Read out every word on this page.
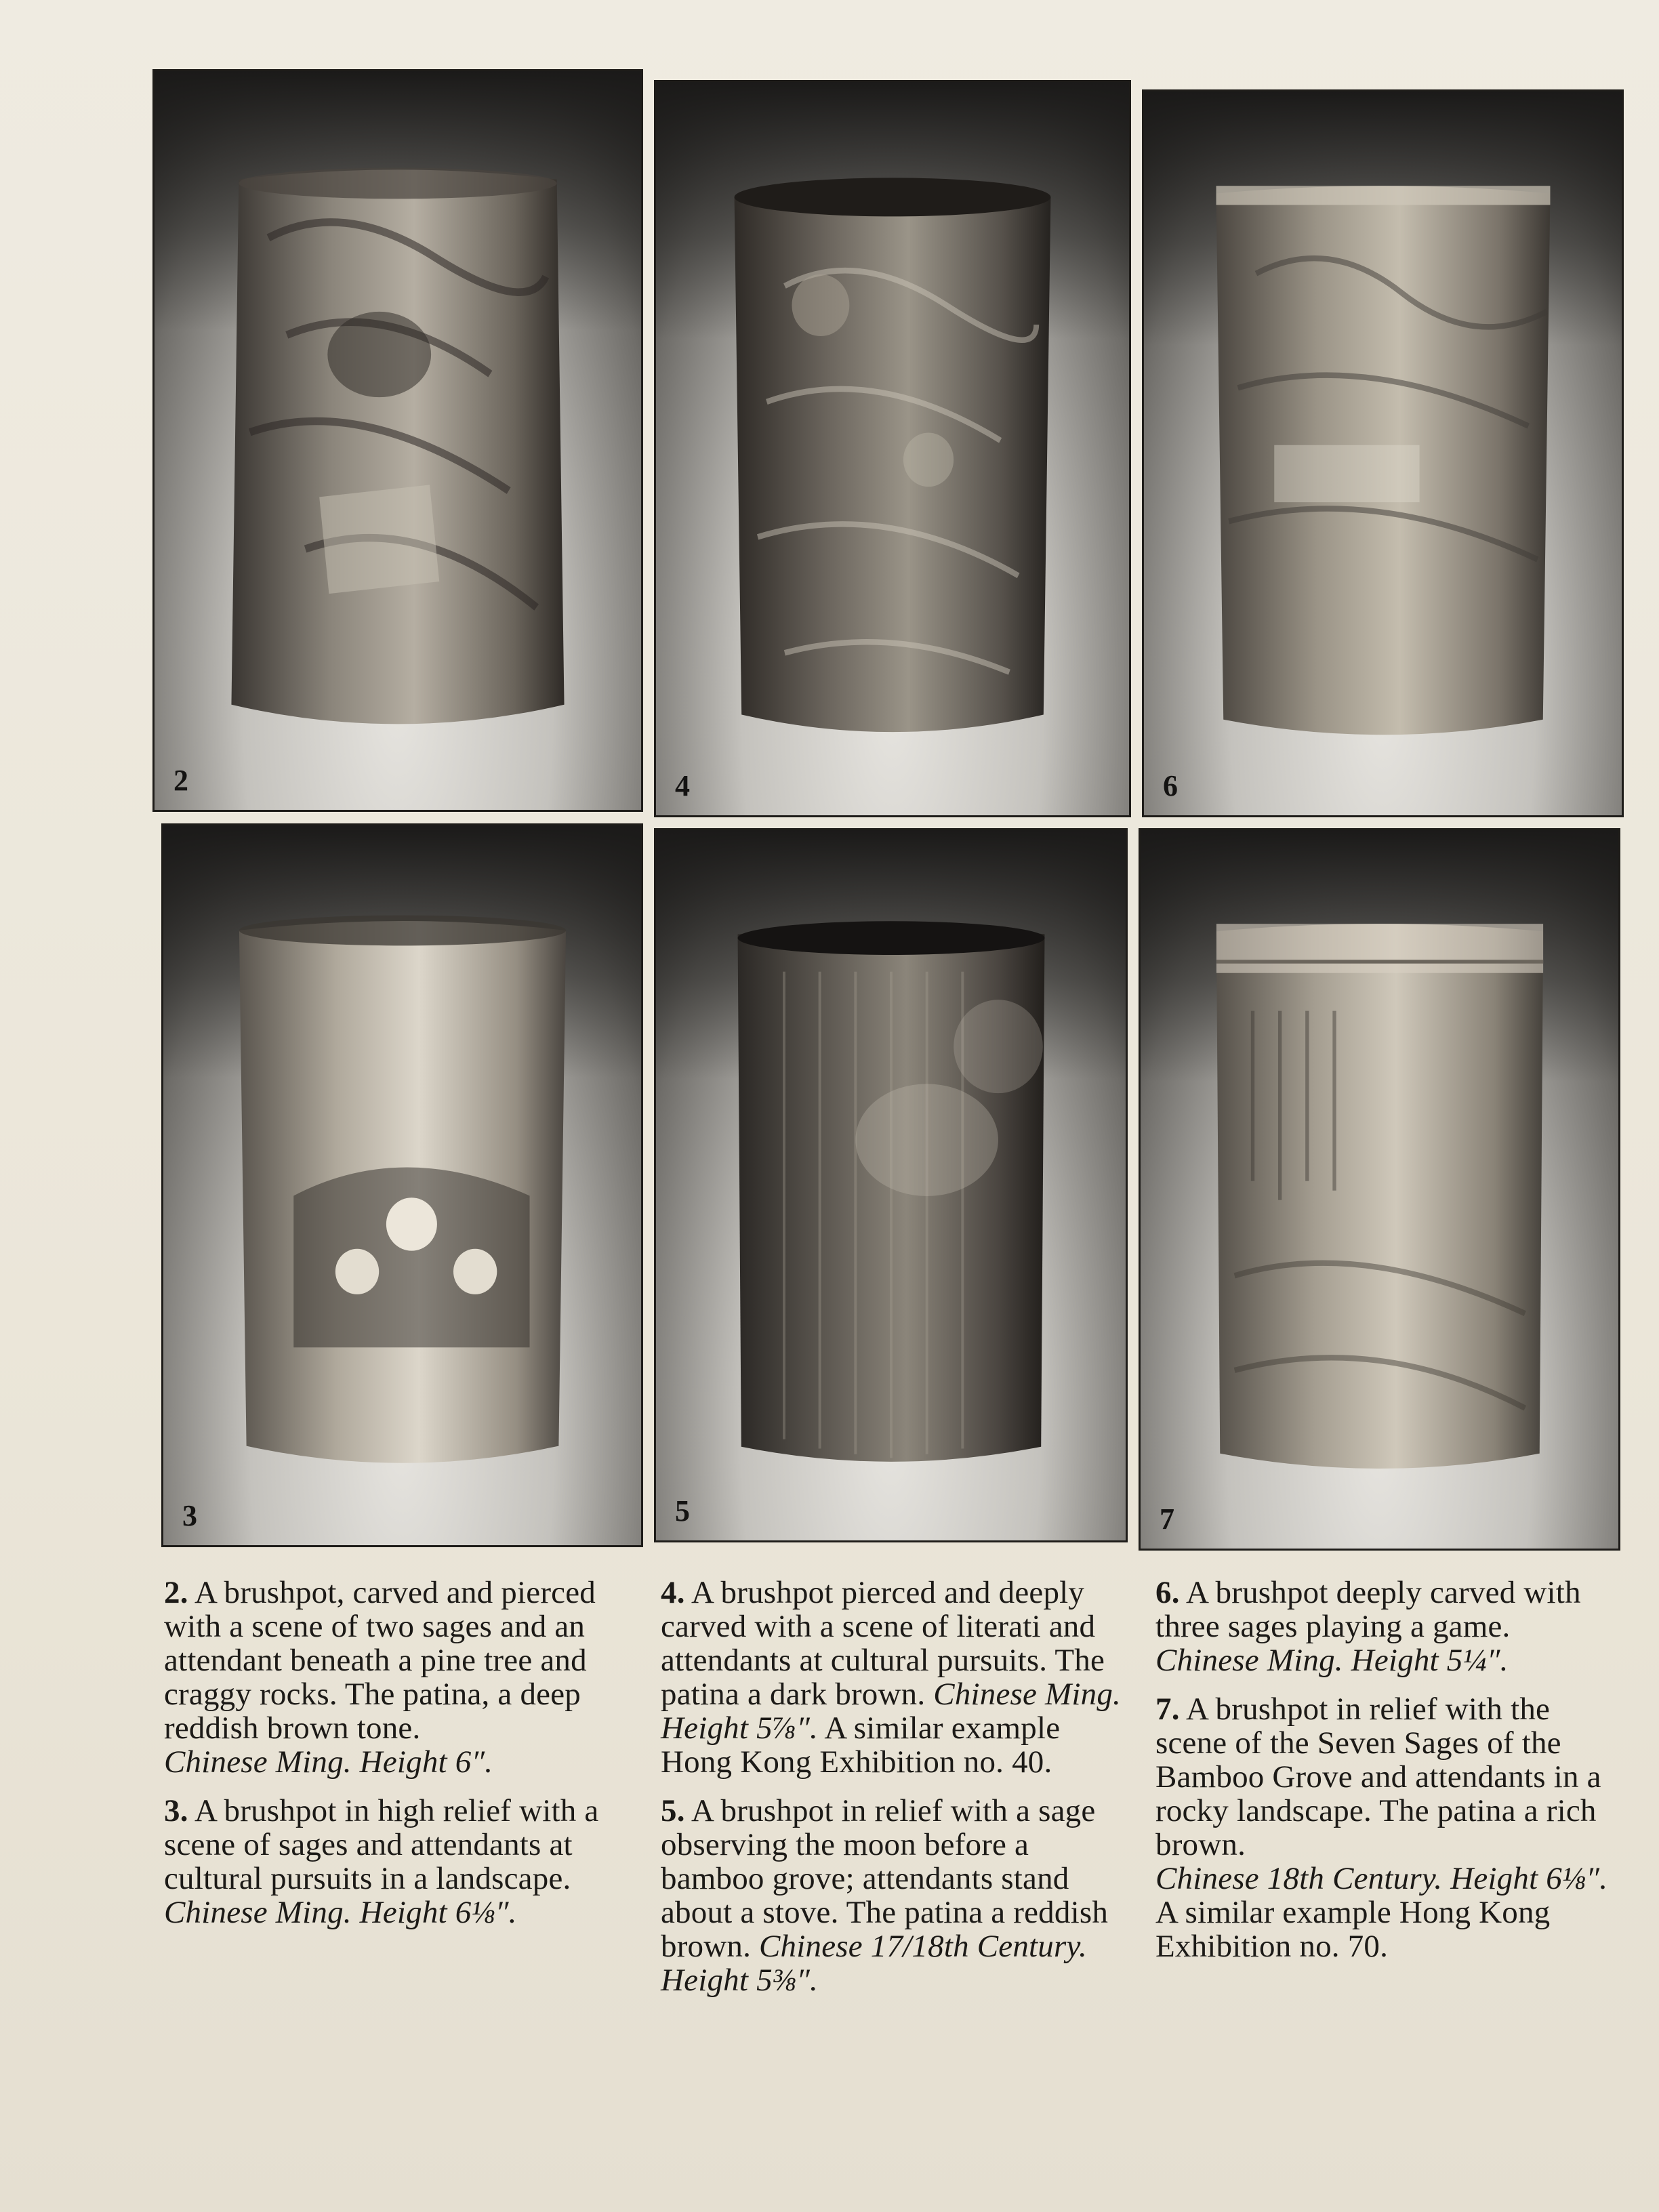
2	4	6
3	5	7

2. A brushpot, carved and pierced with a scene of two sages and an attendant beneath a pine tree and craggy rocks. The patina, a deep reddish brown tone.
Chinese Ming. Height 6″.

3. A brushpot in high relief with a scene of sages and attendants at cultural pursuits in a landscape.
Chinese Ming. Height 6⅛″.

4. A brushpot pierced and deeply carved with a scene of literati and attendants at cultural pursuits. The patina a dark brown. Chinese Ming. Height 5⅞″. A similar example Hong Kong Exhibition no. 40.

5. A brushpot in relief with a sage observing the moon before a bamboo grove; attendants stand about a stove. The patina a reddish brown. Chinese 17/18th Century. Height 5⅜″.

6. A brushpot deeply carved with three sages playing a game.
Chinese Ming. Height 5¼″.

7. A brushpot in relief with the scene of the Seven Sages of the Bamboo Grove and attendants in a rocky landscape. The patina a rich brown.
Chinese 18th Century. Height 6⅛″.
A similar example Hong Kong Exhibition no. 70.
